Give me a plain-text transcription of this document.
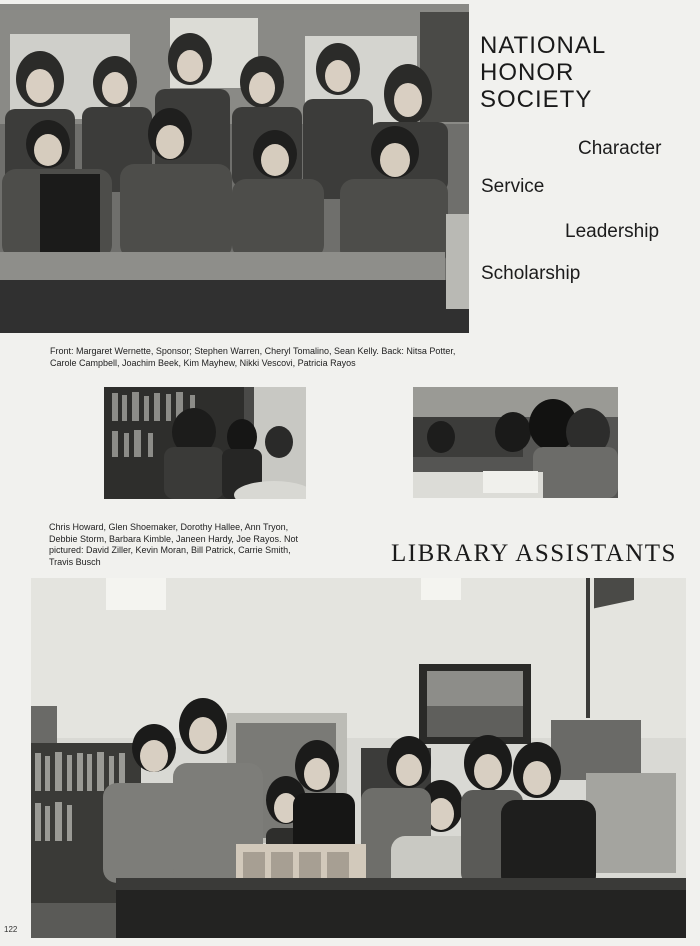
NATIONAL
HONOR
SOCIETY
Character
Service
Leadership
Scholarship
Front: Margaret Wernette, Sponsor; Stephen Warren, Cheryl Tomalino, Sean Kelly. Back: Nitsa Potter,
Carole Campbell, Joachim Beek, Kim Mayhew, Nikki Vescovi, Patricia Rayos
Chris Howard, Glen Shoemaker, Dorothy Hallee, Ann Tryon,
Debbie Storm, Barbara Kimble, Janeen Hardy, Joe Rayos. Not
pictured: David Ziller, Kevin Moran, Bill Patrick, Carrie Smith,
Travis Busch	LIBRARY ASSISTANTS
122
